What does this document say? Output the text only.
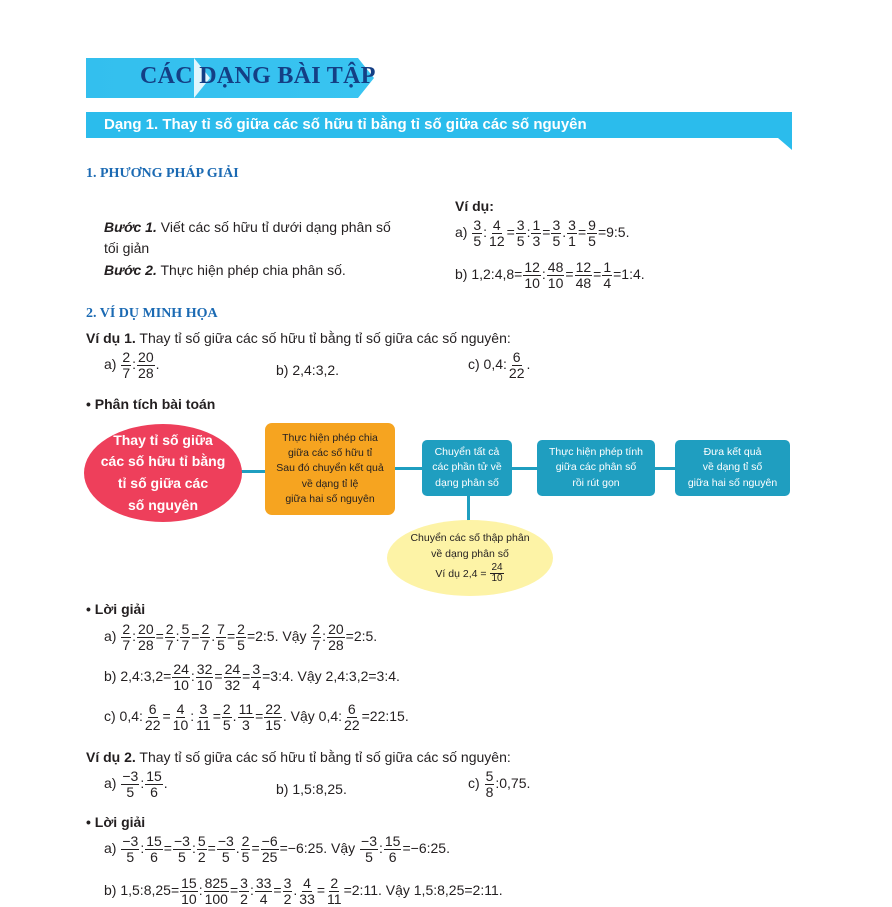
CÁC DẠNG BÀI TẬP
Dạng 1. Thay tỉ số giữa các số hữu tỉ bằng tỉ số giữa các số nguyên
1. PHƯƠNG PHÁP GIẢI
Bước 1. Viết các số hữu tỉ dưới dạng phân số
tối giản
Bước 2. Thực hiện phép chia phân số.
Ví dụ:
$a) \frac{3}{5}$ : $\frac{4}{12} = \frac{3}{5}$ : $\frac{1}{3} = \frac{3}{5}$ . $\frac{3}{1} = \frac{9}{5}$ =9:5.
b) 1,2:4,8= $\frac{12}{10}$ : $\frac{48}{10} = \frac{12}{48} = \frac{1}{4}$ =1:4.
2. VÍ DỤ MINH HỌA
Ví dụ 1. Thay tỉ số giữa các số hữu tỉ bằng tỉ số giữa các số nguyên:
$a) \frac{2}{7}$ : $\frac{20}{28}$ .	b) 2,4:3,2.	c) 0,4: $\frac{6}{22}$ .
• Phân tích bài toán
Thay tỉ số giữa
các số hữu tỉ bằng
tỉ số giữa các
số nguyên
Thực hiện phép chia
giữa các số hữu tỉ
Sau đó chuyển kết quả
về dạng tỉ lệ
giữa hai số nguyên
Chuyển tất cả
các phần tử về
dạng phân số
Thực hiện phép tính
giữa các phân số
rồi rút gọn
Đưa kết quả
về dạng tỉ số
giữa hai số nguyên
Chuyển các số thập phân
về dạng phân số
Ví dụ $2,4 = \frac{24}{10}$
• Lời giải
$a) \frac{2}{7}$ : $\frac{20}{28} = \frac{2}{7}$ : $\frac{5}{7} = \frac{2}{7}$ . $\frac{7}{5} = \frac{2}{5}$ =2:5. Vậy $\frac{2}{7}$ : $\frac{20}{28}$ =2:5.
b) 2,4:3,2= $\frac{24}{10}$ : $\frac{32}{10} = \frac{24}{32} = \frac{3}{4}$ =3:4. Vậy 2,4:3,2=3:4.
c) 0,4: $\frac{6}{22} = \frac{4}{10}$ : $\frac{3}{11} = \frac{2}{5}$ . $\frac{11}{3} = \frac{22}{15}$ . Vậy 0,4: $\frac{6}{22}$ =22:15.
Ví dụ 2. Thay tỉ số giữa các số hữu tỉ bằng tỉ số giữa các số nguyên:
$a) \frac{-3}{5}$ : $\frac{15}{6}$ .	b) 1,5:8,25.	$c) \frac{5}{8}$ :0,75.
• Lời giải
$a) \frac{-3}{5}$ : $\frac{15}{6} = \frac{-3}{5}$ : $\frac{5}{2} = \frac{-3}{5}$ . $\frac{2}{5} = \frac{-6}{25}$ =−6:25. Vậy $\frac{-3}{5}$ : $\frac{15}{6}$ =−6:25.
b) 1,5:8,25= $\frac{15}{10}$ : $\frac{825}{100} = \frac{3}{2}$ : $\frac{33}{4} = \frac{3}{2}$ . $\frac{4}{33} = \frac{2}{11}$ =2:11. Vậy 1,5:8,25=2:11.
